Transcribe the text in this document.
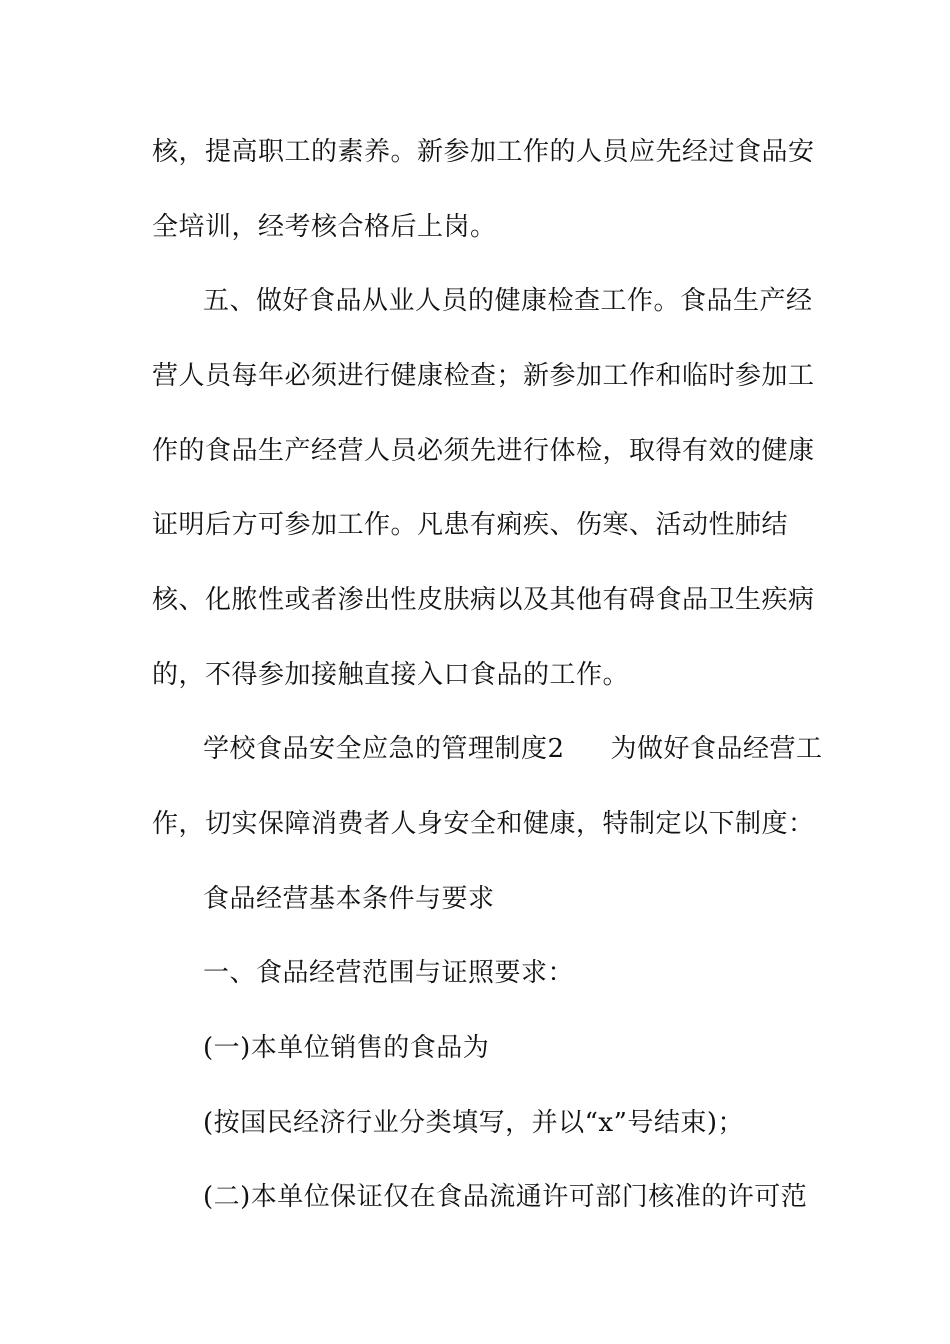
核，提高职工的素养。新参加工作的人员应先经过食品安
全培训，经考核合格后上岗。
五、做好食品从业人员的健康检查工作。食品生产经
营人员每年必须进行健康检查；新参加工作和临时参加工
作的食品生产经营人员必须先进行体检，取得有效的健康
证明后方可参加工作。凡患有痢疾、伤寒、活动性肺结
核、化脓性或者渗出性皮肤病以及其他有碍食品卫生疾病
的，不得参加接触直接入口食品的工作。
学校食品安全应急的管理制度2 为做好食品经营工
作，切实保障消费者人身安全和健康，特制定以下制度：
食品经营基本条件与要求
一、食品经营范围与证照要求：
(一)本单位销售的食品为
(按国民经济行业分类填写，并以“x”号结束)；
(二)本单位保证仅在食品流通许可部门核准的许可范
